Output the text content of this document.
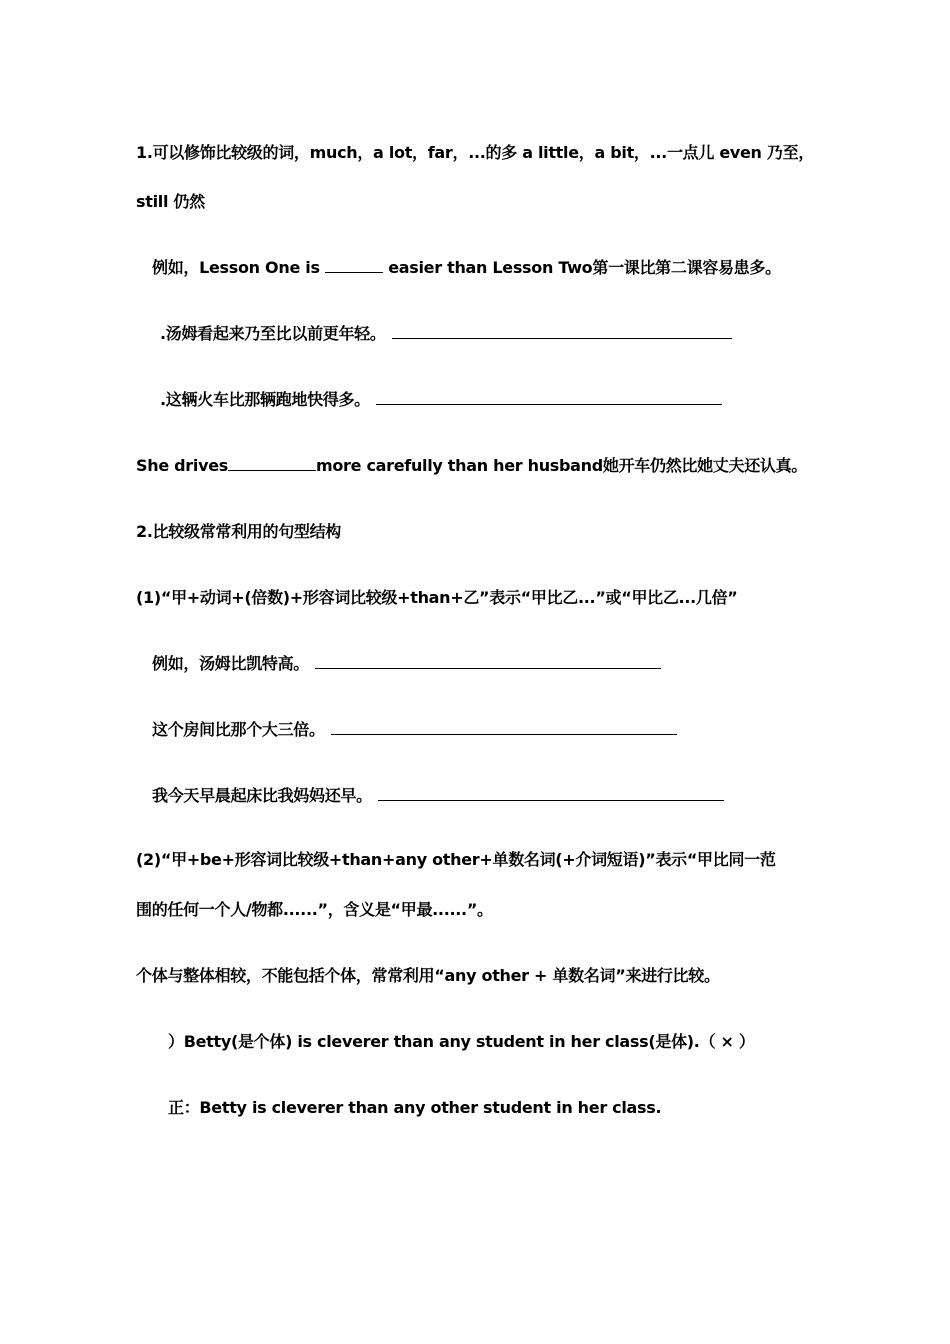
1.可以修饰比较级的词，much，a lot，far，...的多 a little，a bit，...一点儿 even 乃至，
still 仍然
例如，Lesson One is	easier than Lesson Two第一课比第二课容易患多。
.汤姆看起来乃至比以前更年轻。
.这辆火车比那辆跑地快得多。
She drives	more carefully than her husband她开车仍然比她丈夫还认真。
2.比较级常常利用的句型结构
(1)“甲+动词+(倍数)+形容词比较级+than+乙”表示“甲比乙...”或“甲比乙...几倍”
例如，汤姆比凯特高。
这个房间比那个大三倍。
我今天早晨起床比我妈妈还早。
(2)“甲+be+形容词比较级+than+any other+单数名词(+介词短语)”表示“甲比同一范
围的任何一个人/物都......”，含义是“甲最......”。
个体与整体相较，不能包括个体，常常利用“any other + 单数名词”来进行比较。
）Betty(是个体) is cleverer than any student in her class(是体).（ × ）
正：Betty is cleverer than any other student in her class.
